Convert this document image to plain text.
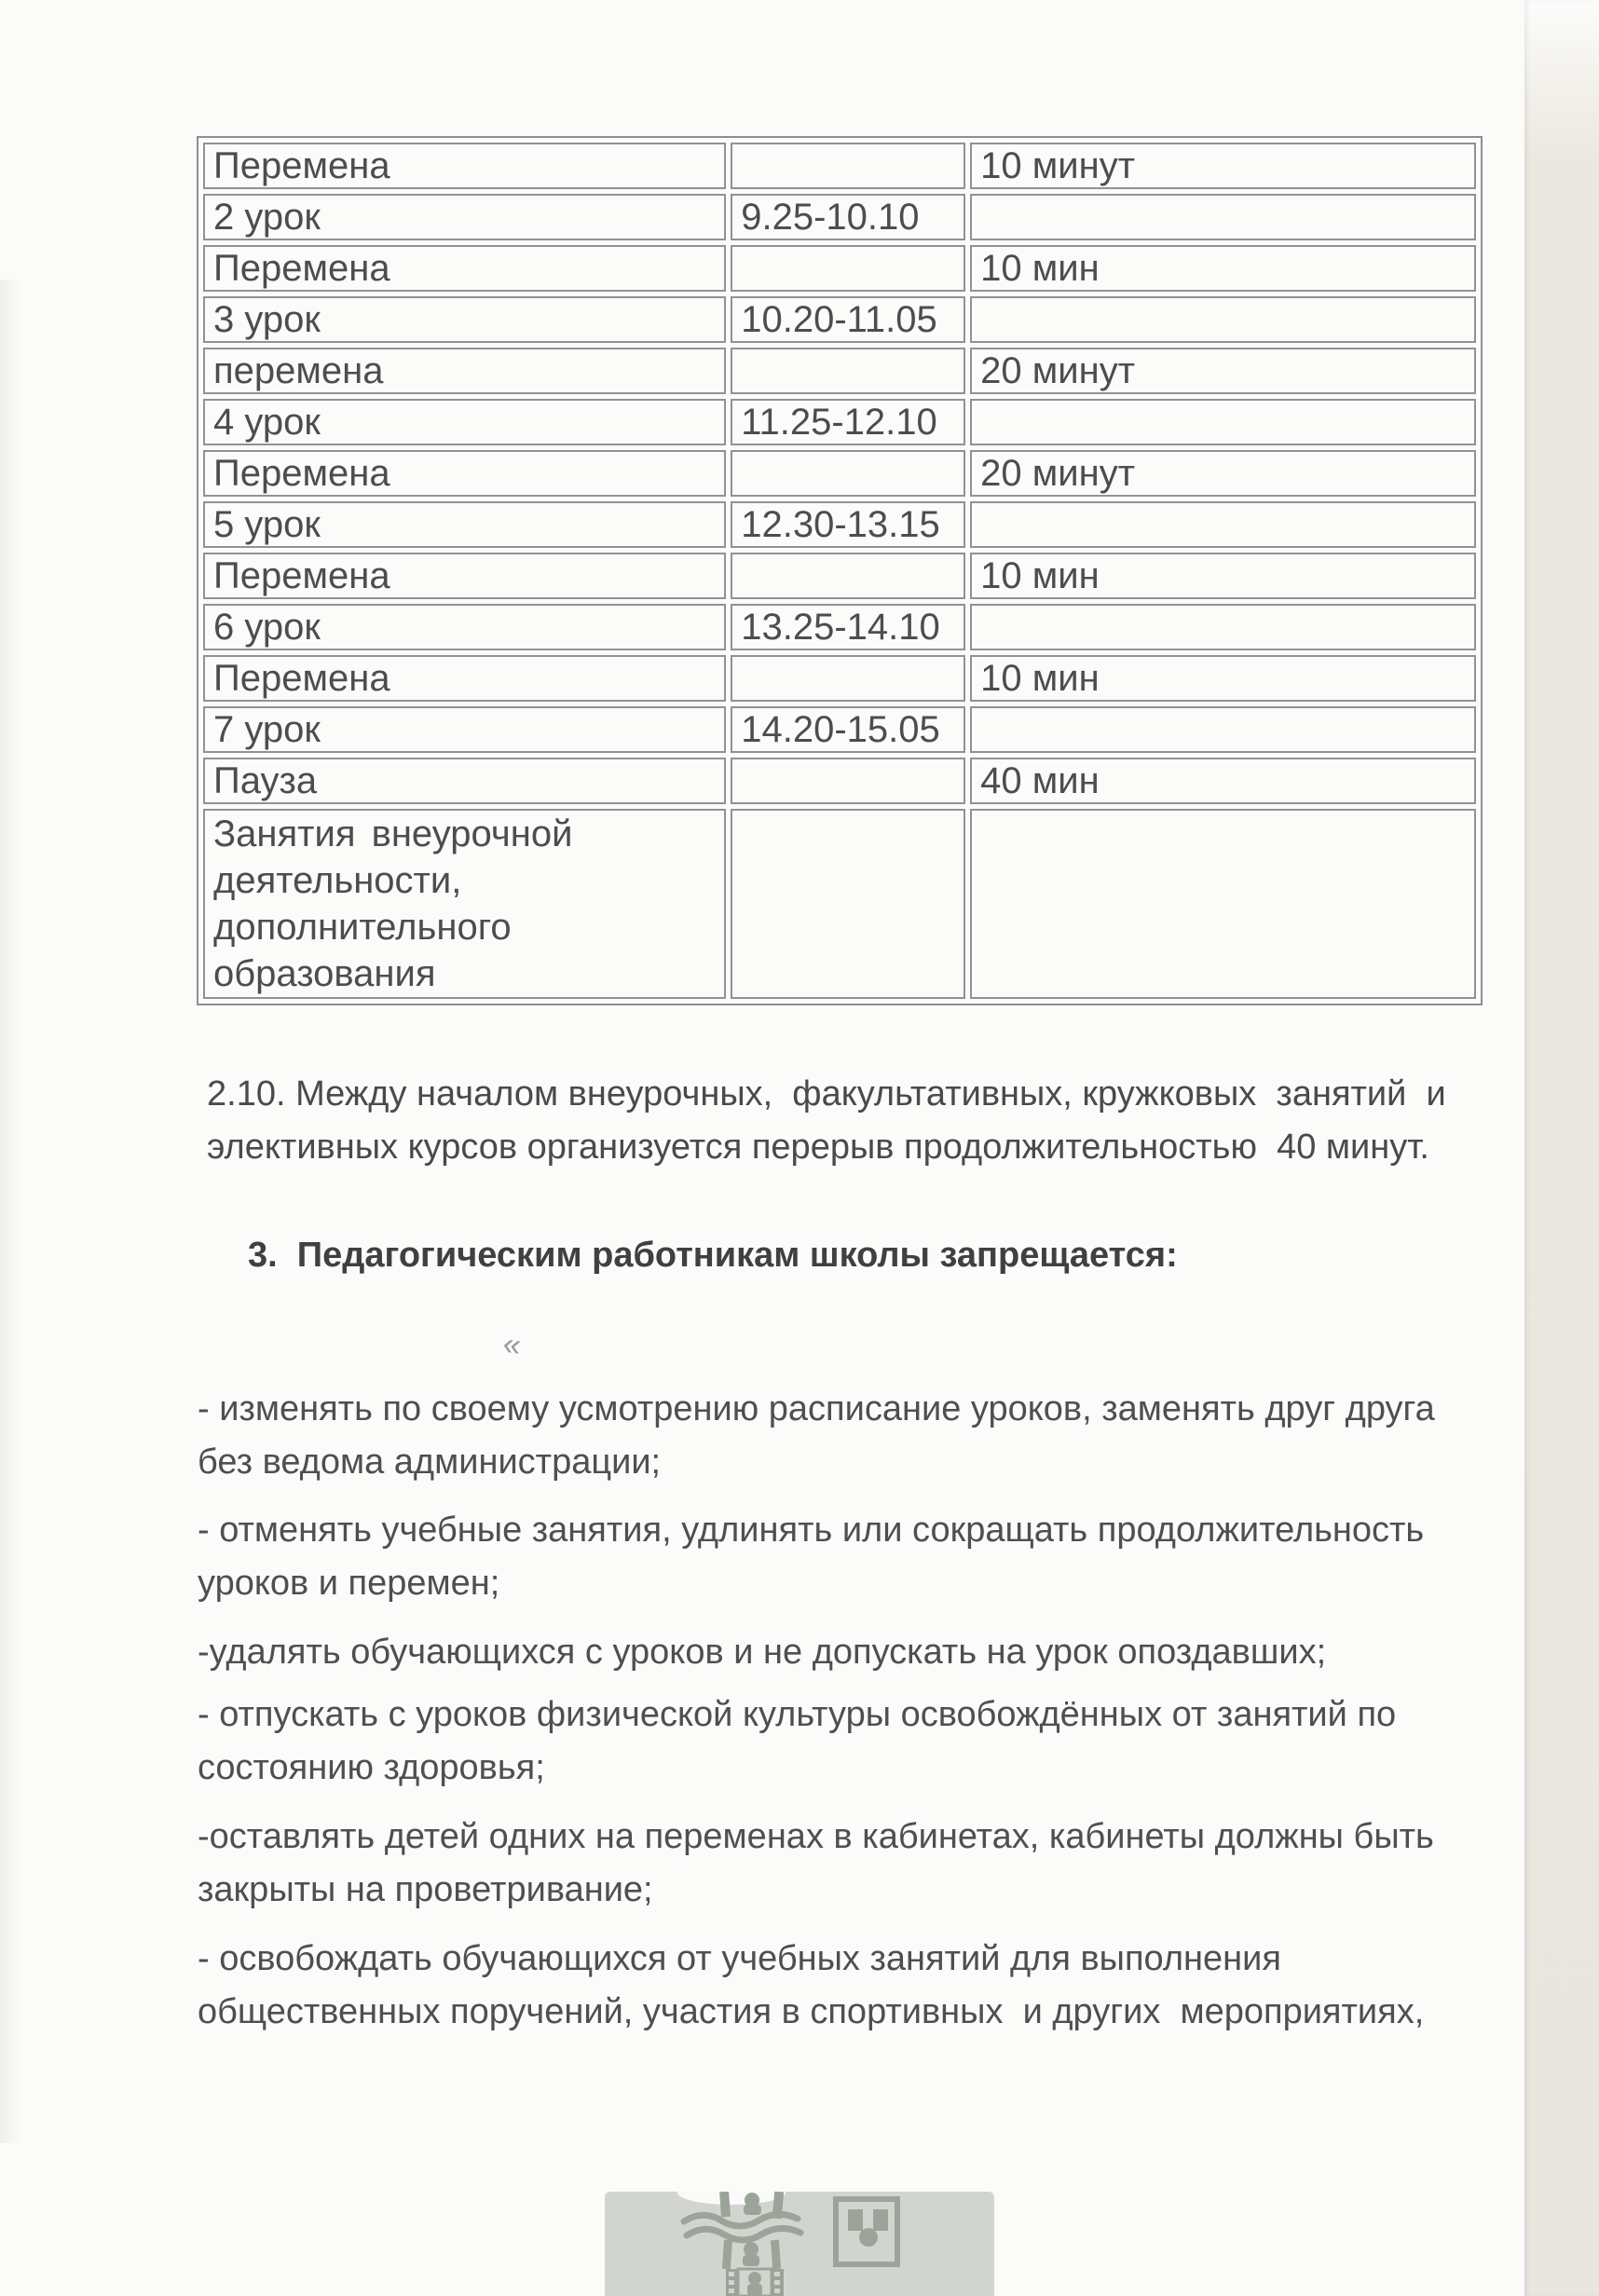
Перемена		10 минут
2 урок	9.25-10.10	
Перемена		10 мин
3 урок	10.20-11.05	
перемена		20 минут
4 урок	11.25-12.10	
Перемена		20 минут
5 урок	12.30-13.15	
Перемена		10 мин
6 урок	13.25-14.10	
Перемена		10 мин
7 урок	14.20-15.05	
Пауза		40 мин
Занятия внеурочной
деятельности, дополнительного
образования		
2.10. Между началом внеурочных,  факультативных, кружковых  занятий  и элективных курсов организуется перерыв продолжительностью  40 минут.
3.  Педагогическим работникам школы запрещается:
«
- изменять по своему усмотрению расписание уроков, заменять друг друга без ведома администрации;
- отменять учебные занятия, удлинять или сокращать продолжительность уроков и перемен;
-удалять обучающихся с уроков и не допускать на урок опоздавших;
- отпускать с уроков физической культуры освобождённых от занятий по состоянию здоровья;
-оставлять детей одних на переменах в кабинетах, кабинеты должны быть закрыты на проветривание;
- освобождать обучающихся от учебных занятий для выполнения общественных поручений, участия в спортивных  и других  мероприятиях,
